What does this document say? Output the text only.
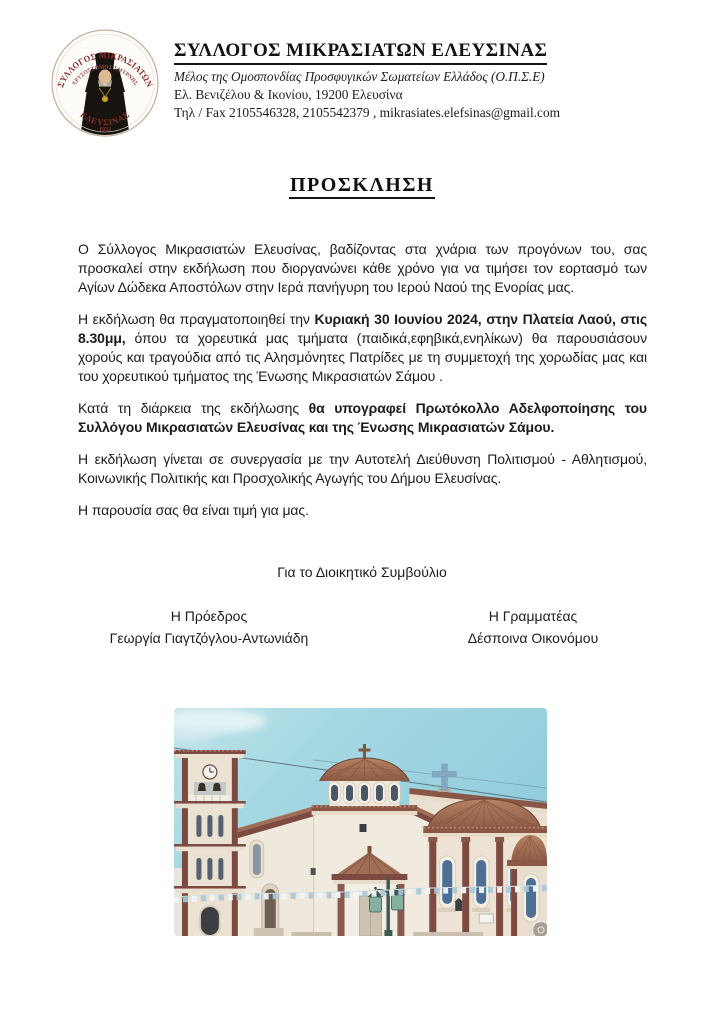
ΣΥΛΛΟΓΟΣ ΜΙΚΡΑΣΙΑΤΩΝ
ΧΡΥΣΟΣΤΟΜΟΣ ΣΜΥΡΝΗΣ
ΕΛΕΥΣΙΝΑΣ
1932
ΣΥΛΛΟΓΟΣ ΜΙΚΡΑΣΙΑΤΩΝ ΕΛΕΥΣΙΝΑΣ
Μέλος της Ομοσπονδίας Προσφυγικών Σωματείων Ελλάδος (Ο.Π.Σ.Ε)
Ελ. Βενιζέλου & Ικονίου, 19200 Ελευσίνα
Τηλ / Fax 2105546328, 2105542379 , mikrasiates.elefsinas@gmail.com
ΠΡΟΣΚΛΗΣΗ

Ο Σύλλογος Μικρασιατών Ελευσίνας, βαδίζοντας στα χνάρια των προγόνων του, σας προσκαλεί στην εκδήλωση που διοργανώνει κάθε χρόνο για να τιμήσει τον εορτασμό των Αγίων Δώδεκα Αποστόλων στην Ιερά πανήγυρη του Ιερού Ναού της Ενορίας μας.

Η εκδήλωση θα πραγματοποιηθεί την Κυριακή 30 Ιουνίου 2024, στην Πλατεία Λαού, στις 8.30μμ, όπου τα χορευτικά μας τμήματα (παιδικά,εφηβικά,ενηλίκων) θα παρουσιάσουν χορούς και τραγούδια από τις Αλησμόνητες Πατρίδες με τη συμμετοχή της χορωδίας μας και του χορευτικού τμήματος της Ένωσης Μικρασιατών Σάμου .

Κατά τη διάρκεια της εκδήλωσης θα υπογραφεί Πρωτόκολλο Αδελφοποίησης του Συλλόγου Μικρασιατών Ελευσίνας και της Ένωσης Μικρασιατών Σάμου.

Η εκδήλωση γίνεται σε συνεργασία με την Αυτοτελή Διεύθυνση Πολιτισμού - Αθλητισμού, Κοινωνικής Πολιτικής και Προσχολικής Αγωγής του Δήμου Ελευσίνας.

Η παρουσία σας θα είναι τιμή για μας.

Για το Διοικητικό Συμβούλιο
Η Πρόεδρος
Γεωργία Γιαγτζόγλου-Αντωνιάδη
Η Γραμματέας
Δέσποινα Οικονόμου
